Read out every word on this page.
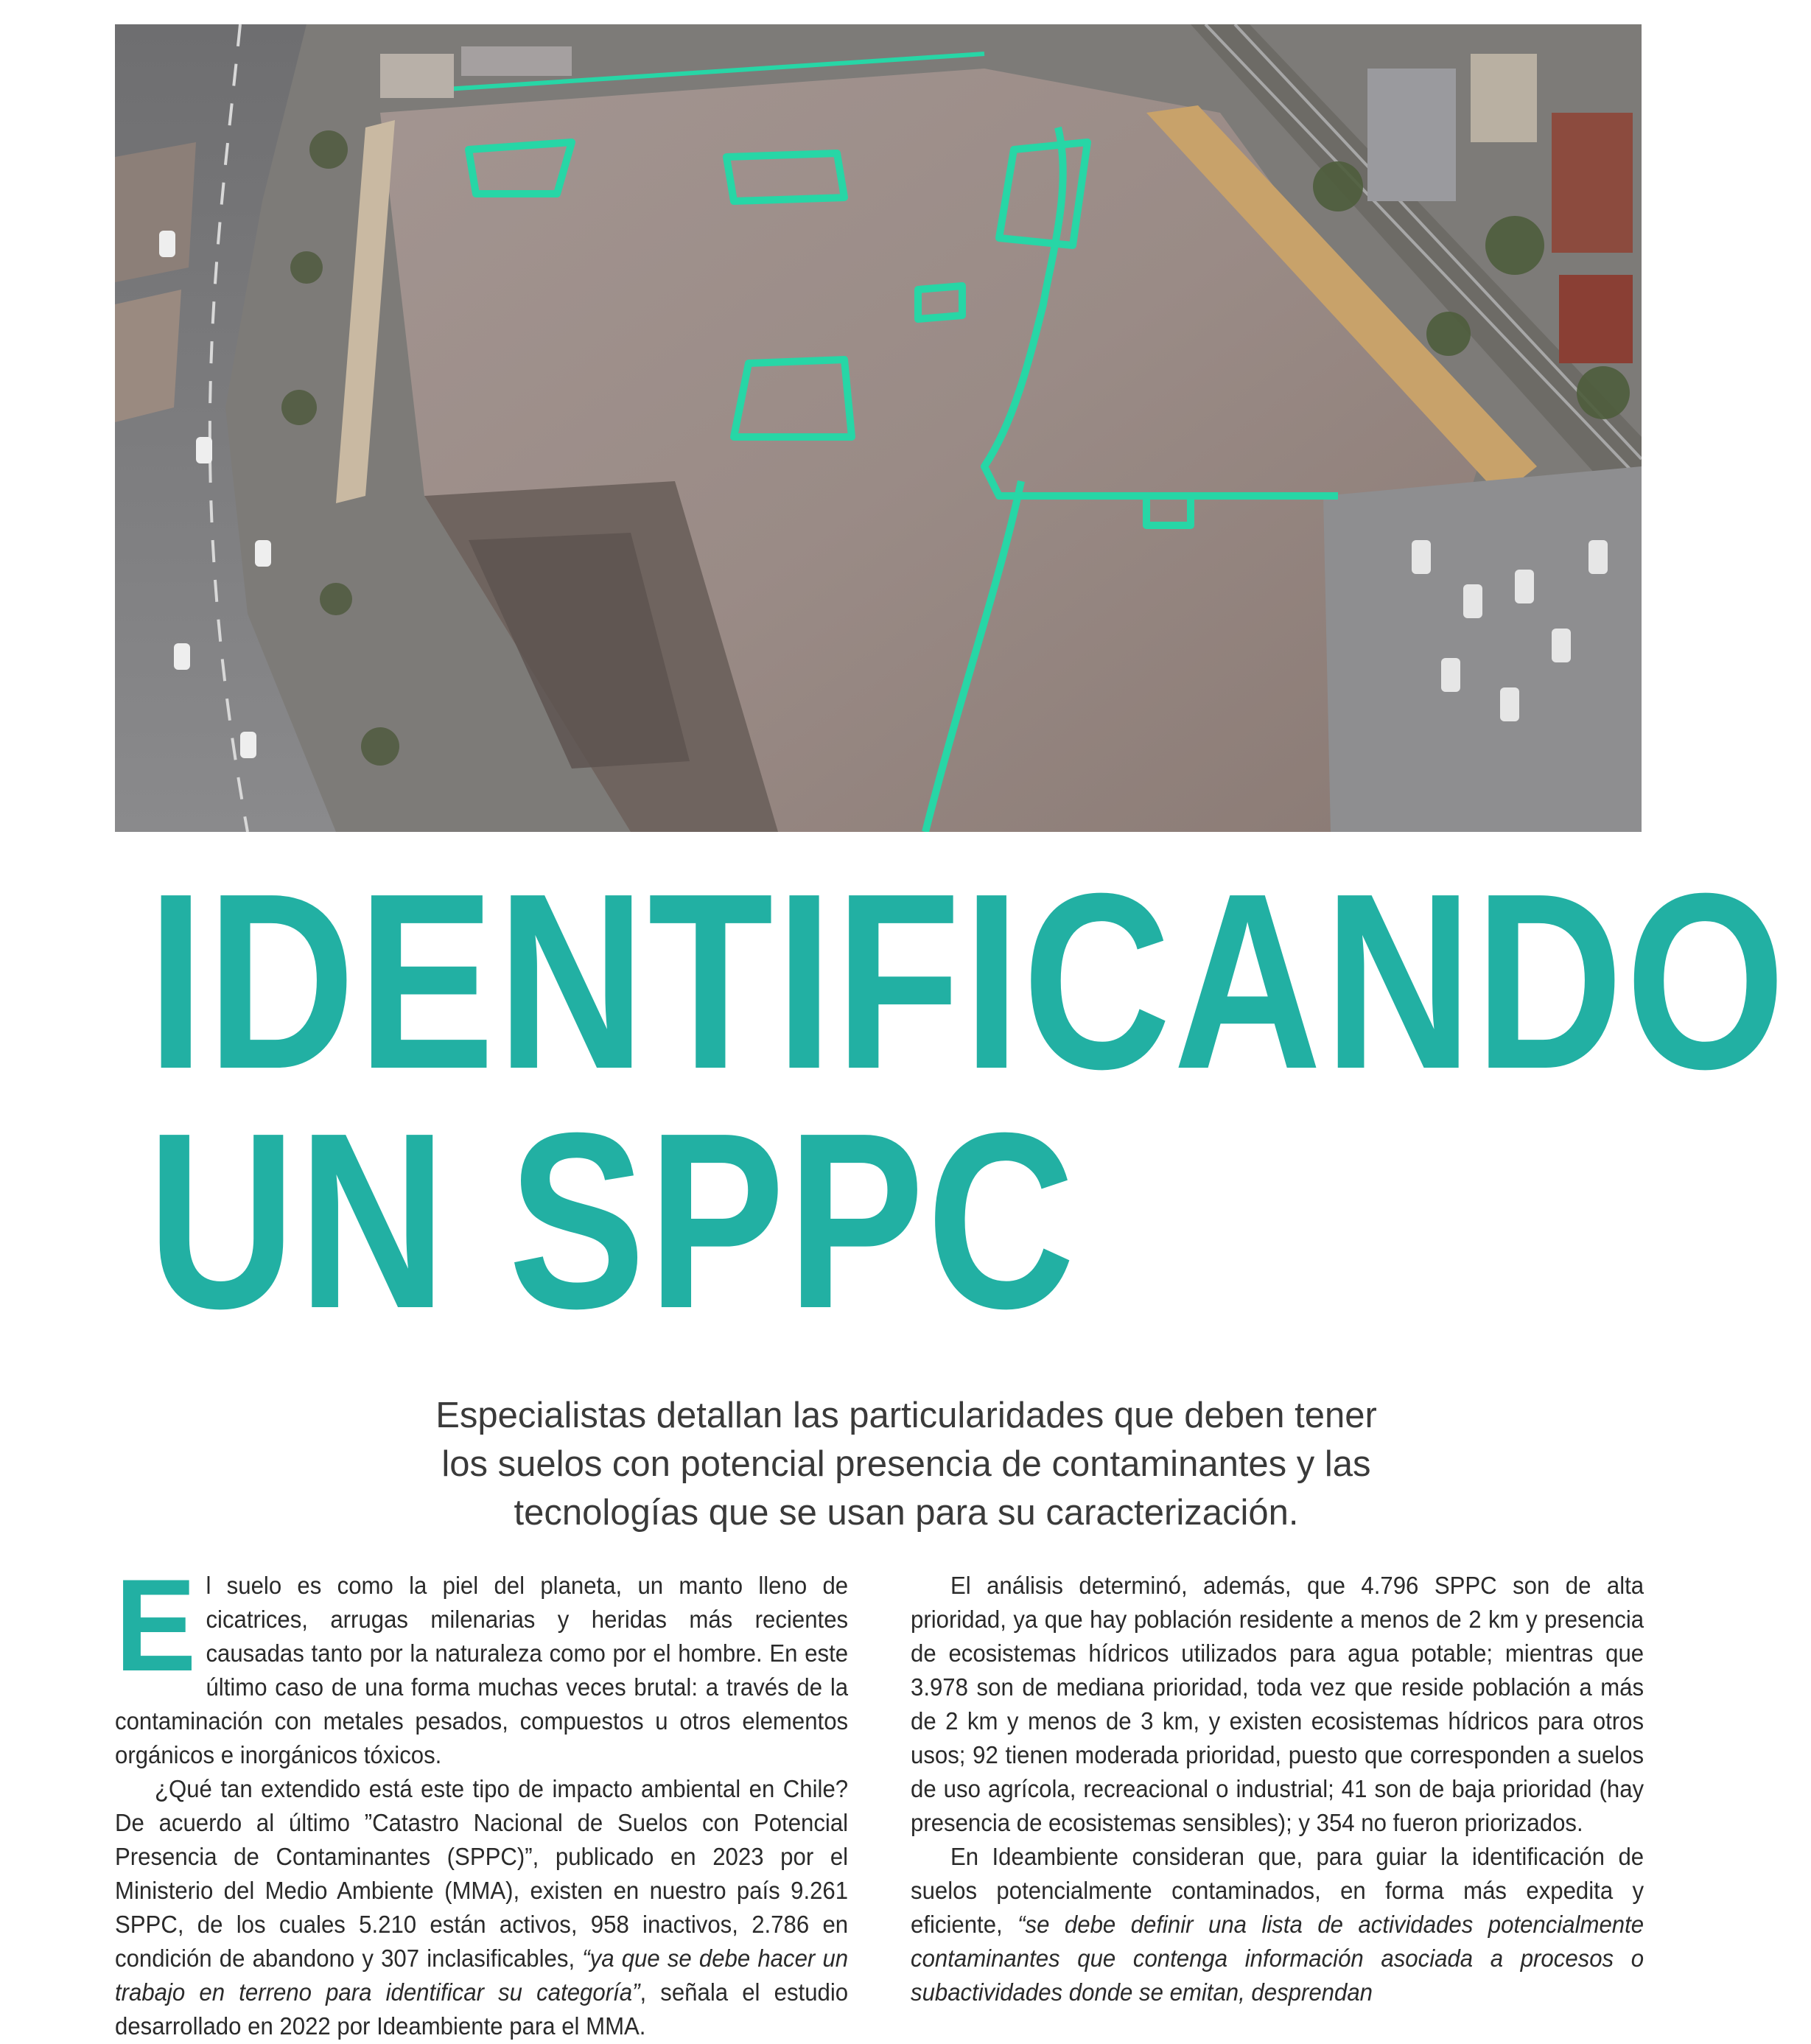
IDENTIFICANDO
UN SPPC
Especialistas detallan las particularidades que deben tener
los suelos con potencial presencia de contaminantes y las
tecnologías que se usan para su caracterización.

El suelo es como la piel del planeta, un manto lleno de cicatrices, arrugas milenarias y heridas más recientes causadas tanto por la naturaleza como por el hombre. En este último caso de una forma muchas veces brutal: a través de la contaminación con metales pesados, compuestos u otros elementos orgánicos e inorgánicos tóxicos.

¿Qué tan extendido está este tipo de impacto ambiental en Chile? De acuerdo al último ”Catastro Nacional de Suelos con Potencial Presencia de Contaminantes (SPPC)”, publicado en 2023 por el Ministerio del Medio Ambiente (MMA), existen en nuestro país 9.261 SPPC, de los cuales 5.210 están activos, 958 inactivos, 2.786 en condición de abandono y 307 inclasificables, “ya que se debe hacer un trabajo en terreno para identificar su categoría”, señala el estudio desarrollado en 2022 por Ideambiente para el MMA.

El análisis determinó, además, que 4.796 SPPC son de alta prioridad, ya que hay población residente a menos de 2 km y presencia de ecosistemas hídricos utilizados para agua potable; mientras que 3.978 son de mediana prioridad, toda vez que reside población a más de 2 km y menos de 3 km, y existen ecosistemas hídricos para otros usos; 92 tienen moderada prioridad, puesto que corresponden a suelos de uso agrícola, recreacional o industrial; 41 son de baja prioridad (hay presencia de ecosistemas sensibles); y 354 no fueron priorizados.

En Ideambiente consideran que, para guiar la identificación de suelos potencialmente contaminados, en forma más expedita y eficiente, “se debe definir una lista de actividades potencialmente contaminantes que contenga información asociada a procesos o subactividades donde se emitan, desprendan
